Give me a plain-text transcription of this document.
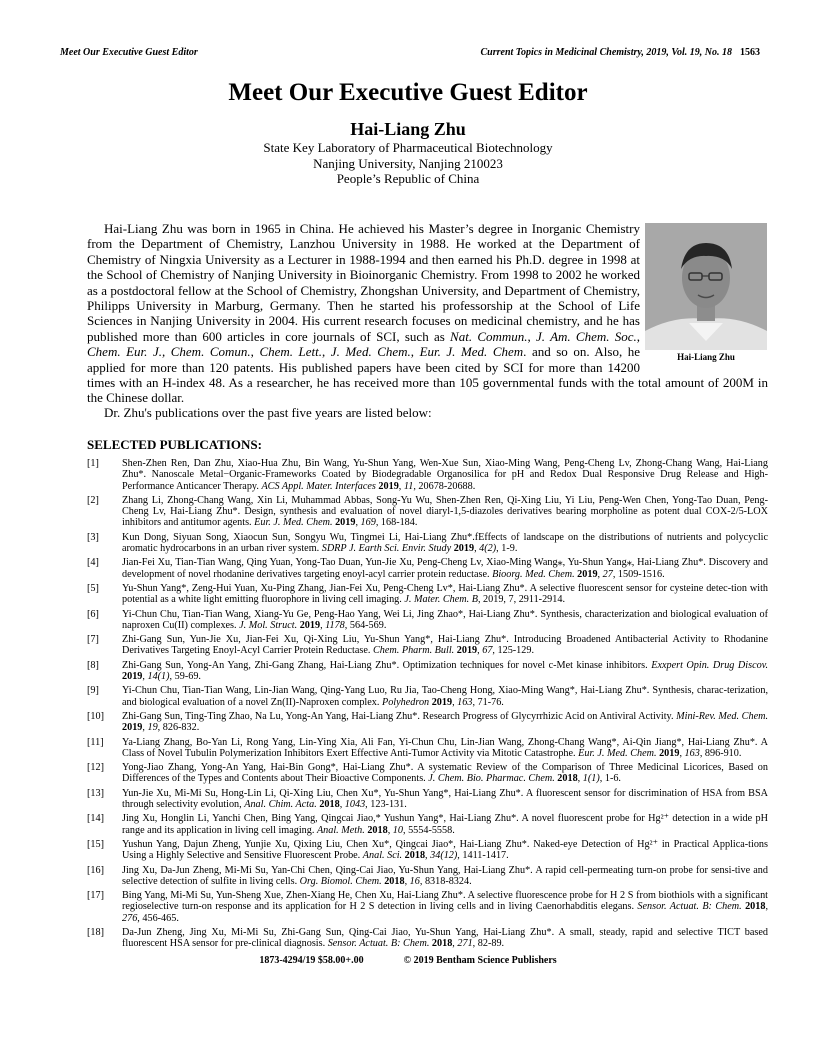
Meet Our Executive Guest Editor	Current Topics in Medicinal Chemistry, 2019, Vol. 19, No. 18 1563
Meet Our Executive Guest Editor
Hai-Liang Zhu
State Key Laboratory of Pharmaceutical Biotechnology
Nanjing University, Nanjing 210023
People’s Republic of China

Hai-Liang Zhu was born in 1965 in China. He achieved his Master’s degree in Inorganic Chemistry from the Department of Chemistry, Lanzhou University in 1988. He worked at the Department of Chemistry of Ningxia University as a Lecturer in 1988-1994 and then earned his Ph.D. degree in 1998 at the School of Chemistry of Nanjing University in Bioinorganic Chemistry. From 1998 to 2002 he worked as a postdoctoral fellow at the School of Chemistry, Zhongshan University, and Department of Chemistry, Philipps University in Marburg, Germany. Then he started his professorship at the School of Life Sciences in Nanjing University in 2004. His current research focuses on medicinal chemistry, and he has published more than 600 articles in core journals of SCI, such as Nat. Commun., J. Am. Chem. Soc., Chem. Eur. J., Chem. Comun., Chem. Lett., J. Med. Chem., Eur. J. Med. Chem. and so on. Also, he applied for more than 120 patents. His published papers have been cited by SCI for more than 14200 times with an H-index 48. As a researcher, he has received more than 105 governmental funds with the total amount of 200M in the Chinese dollar.

Hai-Liang Zhu
Dr. Zhu's publications over the past five years are listed below:
SELECTED PUBLICATIONS:
[1] Shen-Zhen Ren, Dan Zhu, Xiao-Hua Zhu, Bin Wang, Yu-Shun Yang, Wen-Xue Sun, Xiao-Ming Wang, Peng-Cheng Lv, Zhong-Chang Wang, Hai-Liang Zhu*. Nanoscale Metal−Organic-Frameworks Coated by Biodegradable Organosilica for pH and Redox Dual Responsive Drug Release and High-Performance Anticancer Therapy. ACS Appl. Mater. Interfaces 2019, 11, 20678-20688.
[2] Zhang Li, Zhong-Chang Wang, Xin Li, Muhammad Abbas, Song-Yu Wu, Shen-Zhen Ren, Qi-Xing Liu, Yi Liu, Peng-Wen Chen, Yong-Tao Duan, Peng-Cheng Lv, Hai-Liang Zhu*. Design, synthesis and evaluation of novel diaryl-1,5-diazoles derivatives bearing morpholine as potent dual COX-2/5-LOX inhibitors and antitumor agents. Eur. J. Med. Chem. 2019, 169, 168-184.
[3] Kun Dong, Siyuan Song, Xiaocun Sun, Songyu Wu, Tingmei Li, Hai-Liang Zhu*.fEffects of landscape on the distributions of nutrients and polycyclic aromatic hydrocarbons in an urban river system. SDRP J. Earth Sci. Envir. Study 2019, 4(2), 1-9.
[4] Jian-Fei Xu, Tian-Tian Wang, Qing Yuan, Yong-Tao Duan, Yun-Jie Xu, Peng-Cheng Lv, Xiao-Ming Wang⁎, Yu-Shun Yang⁎, Hai-Liang Zhu*. Discovery and development of novel rhodanine derivatives targeting enoyl-acyl carrier protein reductase. Bioorg. Med. Chem. 2019, 27, 1509-1516.
[5] Yu-Shun Yang*, Zeng-Hui Yuan, Xu-Ping Zhang, Jian-Fei Xu, Peng-Cheng Lv*, Hai-Liang Zhu*. A selective fluorescent sensor for cysteine detec-tion with potential as a white light emitting fluorophore in living cell imaging. J. Mater. Chem. B, 2019, 7, 2911-2914.
[6] Yi-Chun Chu, Tian-Tian Wang, Xiang-Yu Ge, Peng-Hao Yang, Wei Li, Jing Zhao*, Hai-Liang Zhu*. Synthesis, characterization and biological evaluation of naproxen Cu(II) complexes. J. Mol. Struct. 2019, 1178, 564-569.
[7] Zhi-Gang Sun, Yun-Jie Xu, Jian-Fei Xu, Qi-Xing Liu, Yu-Shun Yang*, Hai-Liang Zhu*. Introducing Broadened Antibacterial Activity to Rhodanine Derivatives Targeting Enoyl-Acyl Carrier Protein Reductase. Chem. Pharm. Bull. 2019, 67, 125-129.
[8] Zhi-Gang Sun, Yong-An Yang, Zhi-Gang Zhang, Hai-Liang Zhu*. Optimization techniques for novel c-Met kinase inhibitors. Exxpert Opin. Drug Discov. 2019, 14(1), 59-69.
[9] Yi-Chun Chu, Tian-Tian Wang, Lin-Jian Wang, Qing-Yang Luo, Ru Jia, Tao-Cheng Hong, Xiao-Ming Wang*, Hai-Liang Zhu*. Synthesis, charac-terization, and biological evaluation of a novel Zn(II)-Naproxen complex. Polyhedron 2019, 163, 71-76.
[10] Zhi-Gang Sun, Ting-Ting Zhao, Na Lu, Yong-An Yang, Hai-Liang Zhu*. Research Progress of Glycyrrhizic Acid on Antiviral Activity. Mini-Rev. Med. Chem. 2019, 19, 826-832.
[11] Ya-Liang Zhang, Bo-Yan Li, Rong Yang, Lin-Ying Xia, Ali Fan, Yi-Chun Chu, Lin-Jian Wang, Zhong-Chang Wang*, Ai-Qin Jiang*, Hai-Liang Zhu*. A Class of Novel Tubulin Polymerization Inhibitors Exert Effective Anti-Tumor Activity via Mitotic Catastrophe. Eur. J. Med. Chem. 2019, 163, 896-910.
[12] Yong-Jiao Zhang, Yong-An Yang, Hai-Bin Gong*, Hai-Liang Zhu*. A systematic Review of the Comparison of Three Medicinal Licorices, Based on Differences of the Types and Contents about Their Bioactive Components. J. Chem. Bio. Pharmac. Chem. 2018, 1(1), 1-6.
[13] Yun-Jie Xu, Mi-Mi Su, Hong-Lin Li, Qi-Xing Liu, Chen Xu*, Yu-Shun Yang*, Hai-Liang Zhu*. A fluorescent sensor for discrimination of HSA from BSA through selectivity evolution, Anal. Chim. Acta. 2018, 1043, 123-131.
[14] Jing Xu, Honglin Li, Yanchi Chen, Bing Yang, Qingcai Jiao,* Yushun Yang*, Hai-Liang Zhu*. A novel fluorescent probe for Hg²⁺ detection in a wide pH range and its application in living cell imaging. Anal. Meth. 2018, 10, 5554-5558.
[15] Yushun Yang, Dajun Zheng, Yunjie Xu, Qixing Liu, Chen Xu*, Qingcai Jiao*, Hai-Liang Zhu*. Naked-eye Detection of Hg²⁺ in Practical Applica-tions Using a Highly Selective and Sensitive Fluorescent Probe. Anal. Sci. 2018, 34(12), 1411-1417.
[16] Jing Xu, Da-Jun Zheng, Mi-Mi Su, Yan-Chi Chen, Qing-Cai Jiao, Yu-Shun Yang, Hai-Liang Zhu*. A rapid cell-permeating turn-on probe for sensi-tive and selective detection of sulfite in living cells. Org. Biomol. Chem. 2018, 16, 8318-8324.
[17] Bing Yang, Mi-Mi Su, Yun-Sheng Xue, Zhen-Xiang He, Chen Xu, Hai-Liang Zhu*. A selective fluorescence probe for H 2 S from biothiols with a significant regioselective turn-on response and its application for H 2 S detection in living cells and in living Caenorhabditis elegans. Sensor. Actuat. B: Chem. 2018, 276, 456-465.
[18] Da-Jun Zheng, Jing Xu, Mi-Mi Su, Zhi-Gang Sun, Qing-Cai Jiao, Yu-Shun Yang, Hai-Liang Zhu*. A small, steady, rapid and selective TICT based fluorescent HSA sensor for pre-clinical diagnosis. Sensor. Actuat. B: Chem. 2018, 271, 82-89.
1873-4294/19 $58.00+.00	© 2019 Bentham Science Publishers
